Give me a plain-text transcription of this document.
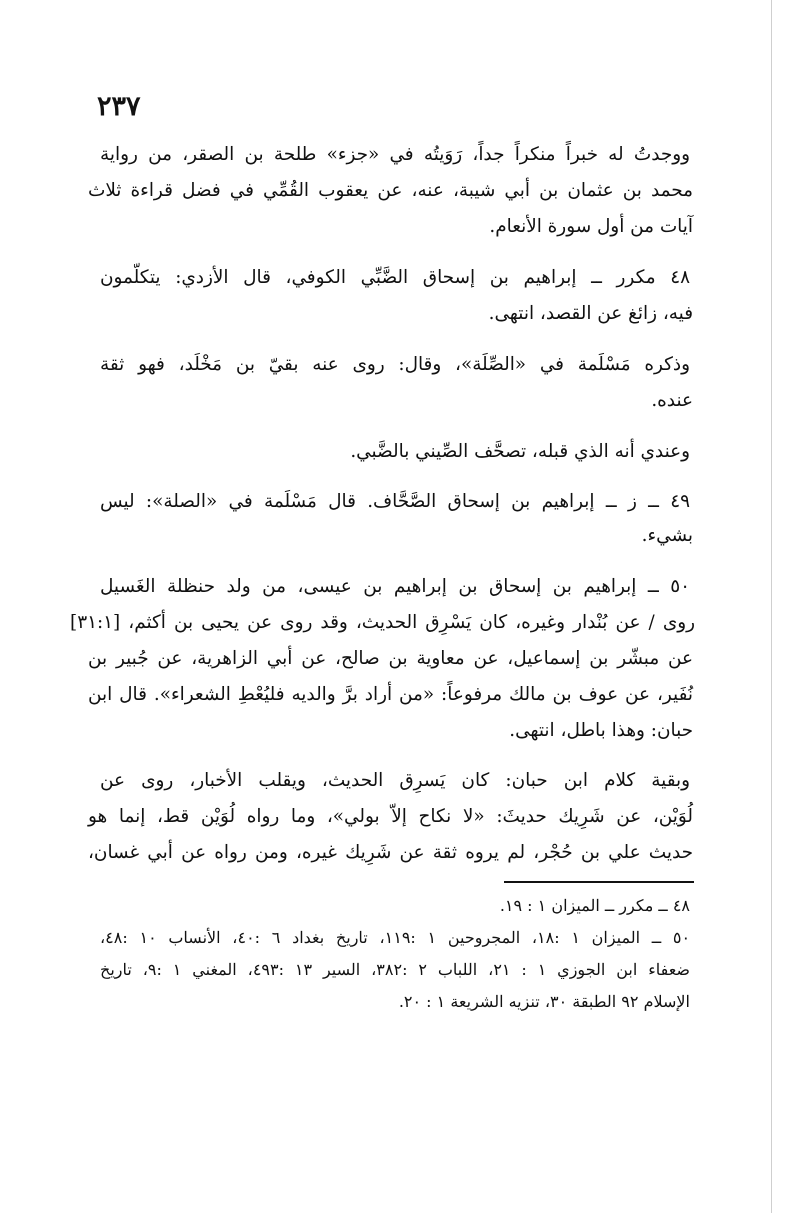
٢٣٧
ووجدتُ له خبراً منكراً جداً، رَوَيتُه في «جزء» طلحة بن الصقر، من رواية
محمد بن عثمان بن أبي شيبة، عنه، عن يعقوب القُمِّي في فضل قراءة ثلاث
آيات من أول سورة الأنعام.
٤٨ مكرر ــ إبراهيم بن إسحاق الضَّبِّي الكوفي، قال الأزدي: يتكلّمون
فيه، زائغ عن القصد، انتهى.
وذكره مَسْلَمة في «الصِّلَة»، وقال: روى عنه بقيّ بن مَخْلَد، فهو ثقة
عنده.
وعندي أنه الذي قبله، تصحَّف الصِّيني بالضَّبي.
٤٩ ــ ز ــ إبراهيم بن إسحاق الصَّحَّاف. قال مَسْلَمة في «الصلة»: ليس
بشيء.
٥٠ ــ إبراهيم بن إسحاق بن إبراهيم بن عيسى، من ولد حنظلة الغَسيل
روى / عن بُنْدار وغيره، كان يَسْرِق الحديث، وقد روى عن يحيى بن أكثم، [٣١:١]
عن مبشّر بن إسماعيل، عن معاوية بن صالح، عن أبي الزاهرية، عن جُبير بن
نُفَير، عن عوف بن مالك مرفوعاً: «من أراد برَّ والديه فليُعْطِ الشعراء». قال ابن
حبان: وهذا باطل، انتهى.
وبقية كلام ابن حبان: كان يَسرِق الحديث، ويقلب الأخبار، روى عن
لُوَيْن، عن شَرِيك حديثَ: «لا نكاح إلاّ بولي»، وما رواه لُوَيْن قط، إنما هو
حديث علي بن حُجْر، لم يروه ثقة عن شَرِيك غيره، ومن رواه عن أبي غسان،
٤٨ ــ مكرر ــ الميزان ١ : ١٩.
٥٠ ــ الميزان ١ :١٨، المجروحين ١ :١١٩، تاريخ بغداد ٦ :٤٠، الأنساب ١٠ :٤٨،
ضعفاء ابن الجوزي ١ : ٢١، اللباب ٢ :٣٨٢، السير ١٣ :٤٩٣، المغني ١ :٩، تاريخ
الإسلام ٩٢ الطبقة ٣٠، تنزيه الشريعة ١ : ٢٠.
